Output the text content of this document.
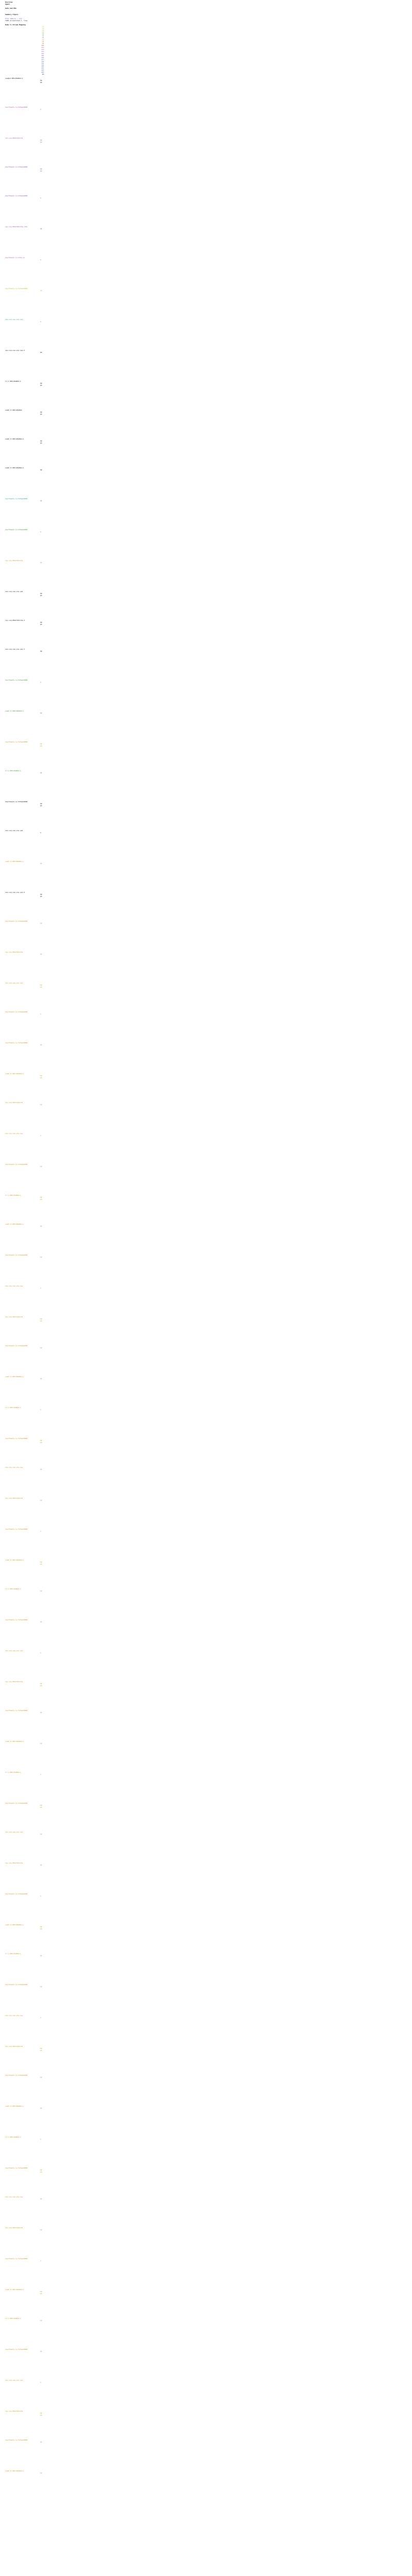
Overview
Agent
Gate And OSA
Summary Figure
Flow name(s) – osa
TIME_Accumulated_t, t=ms
Node to Stream Mapping
n1
n2
n3
n4
n5
n6
n7
n8
n9
n10
n11
n12
n13
n14
n15
n16
n17
n18
n19
n20
n21
n22
n23
15
osa@x2-08tx18a8b4-k
02
03
heartbeats-ip-5d3ee448b8
a
ipv-vnp-00e2r4b1c3a
02
03
heartbeats-ip-5d3ee448b8
02
03
heartbeats-ip-5d3ee448b8
a
ipv-vnp-00e2r4b1c3a-rate
02
heartbeats-ip-5d3e-a1
a
heartbeats-ip-5d3ee448b8
02
osa-vnp-osa-vnp-osa
a
osa-vnp-osa-vnp-osa-2
02
lt_k-08tx18a8b4-k
02
03
osa8-lt-08tx18a8b4
02
03
osa8-lt-08tx18a8b4-k
02
03
osa8-lt-08tx18a8b4-k
02
heartbeats-ip-5d3ee448b8
02
heartbeats-ip-5d3ee448b8
a
ipv-vnp-00e2r4b1c3a
02
osa-vnp-osa-vnp-osa
02
03
ipv-vnp-00e2r4b1c3a-2
02
03
osa-vnp-osa-vnp-osa-3
02
heartbeats-ip-5d3ee448b8
a
osa8-lt-08tx18a8b4-k
02
heartbeats-ip-5d3ee448b8
02
03
lt_k-08tx18a8b4-k
02
heartbeats-ip-5d3ee448b8
02
03
osa-vnp-osa-vnp-osa
a
osa8-lt-08tx18a8b4-k
02
osa-vnp-osa-vnp-osa-4
02
03
heartbeats-ip-5d3ee448b8
02
ipv-vnp-00e2r4b1c3a
02
osa-vnp-osa-vnp-osa
02
03
heartbeats-ip-5d3ee448b8
a
heartbeats-ip-5d3ee448b8
02
osa8-lt-08tx18a8b4-k
02
03
ipv-vnp-00e2r4b1c3a
02
osa-vnp-osa-vnp-osa
a
heartbeats-ip-5d3ee448b8
02
lt_k-08tx18a8b4-k
02
03
osa8-lt-08tx18a8b4-k
02
heartbeats-ip-5d3ee448b8
02
osa-vnp-osa-vnp-osa
a
ipv-vnp-00e2r4b1c3a
02
03
heartbeats-ip-5d3ee448b8
02
osa8-lt-08tx18a8b4-k
02
lt_k-08tx18a8b4-k
a
heartbeats-ip-5d3ee448b8
02
03
osa-vnp-osa-vnp-osa
02
ipv-vnp-00e2r4b1c3a
02
heartbeats-ip-5d3ee448b8
a
osa8-lt-08tx18a8b4-k
02
03
lt_k-08tx18a8b4-k
02
heartbeats-ip-5d3ee448b8
02
osa-vnp-osa-vnp-osa
a
ipv-vnp-00e2r4b1c3a
02
03
heartbeats-ip-5d3ee448b8
02
osa8-lt-08tx18a8b4-k
02
lt_k-08tx18a8b4-k
a
heartbeats-ip-5d3ee448b8
02
03
osa-vnp-osa-vnp-osa
02
ipv-vnp-00e2r4b1c3a
02
heartbeats-ip-5d3ee448b8
a
osa8-lt-08tx18a8b4-k
02
03
lt_k-08tx18a8b4-k
02
heartbeats-ip-5d3ee448b8
02
osa-vnp-osa-vnp-osa
a
ipv-vnp-00e2r4b1c3a
02
03
heartbeats-ip-5d3ee448b8
02
osa8-lt-08tx18a8b4-k
02
lt_k-08tx18a8b4-k
a
heartbeats-ip-5d3ee448b8
02
03
osa-vnp-osa-vnp-osa
02
ipv-vnp-00e2r4b1c3a
02
heartbeats-ip-5d3ee448b8
a
osa8-lt-08tx18a8b4-k
02
03
lt_k-08tx18a8b4-k
02
heartbeats-ip-5d3ee448b8
02
osa-vnp-osa-vnp-osa
a
ipv-vnp-00e2r4b1c3a
02
03
heartbeats-ip-5d3ee448b8
02
osa8-lt-08tx18a8b4-k
02
